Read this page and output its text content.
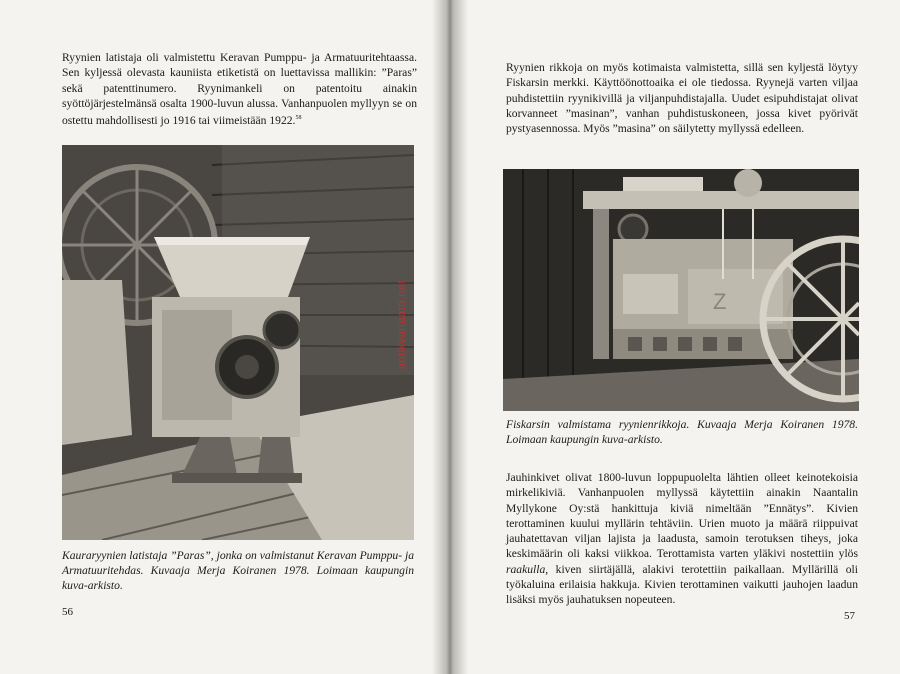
Ryynien latistaja oli valmistettu Keravan Pumppu- ja Armatuuritehtaassa. Sen kyljessä olevasta kauniista etiketistä on luettavissa mallikin: ”Paras” sekä patenttinumero. Ryynimankeli on patentoitu ainakin syöttöjärjestelmänsä osalta 1900-luvun alussa. Vanhanpuolen myllyyn se on ostettu mahdollisesti jo 1916 tai viimeistään 1922.58

antikvariaatti.net

Kauraryynien latistaja ”Paras”, jonka on valmistanut Keravan Pumppu- ja Armatuuritehdas. Kuvaaja Merja Koiranen 1978. Loimaan kaupungin kuva-arkisto.

56

Ryynien rikkoja on myös kotimaista valmistetta, sillä sen kyljestä löytyy Fiskarsin merkki. Käyttöönottoaika ei ole tiedossa. Ryynejä varten viljaa puhdistettiin ryynikivillä ja viljanpuhdistajalla. Uudet esipuhdistajat olivat korvanneet ”masinan”, vanhan puhdistuskoneen, jossa kivet pyörivät pystyasennossa. Myös ”masina” on säilytetty myllyssä edelleen.

Z

Fiskarsin valmistama ryynienrikkoja. Kuvaaja Merja Koiranen 1978. Loimaan kaupungin kuva-arkisto.

Jauhinkivet olivat 1800-luvun loppupuolelta lähtien olleet keinotekoisia mirkelikiviä. Vanhanpuolen myllyssä käytettiin ainakin Naantalin Myllykone Oy:stä hankittuja kiviä nimeltään ”Ennätys”. Kivien terottaminen kuului myllärin tehtäviin. Urien muoto ja määrä riippuivat jauhatettavan viljan lajista ja laadusta, samoin terotuksen tiheys, joka keskimäärin oli kaksi viikkoa. Terottamista varten yläkivi nostettiin ylös raakulla, kiven siirtäjällä, alakivi terotettiin paikallaan. Myllärillä oli työkaluina erilaisia hakkuja. Kivien terottaminen vaikutti jauhojen laadun lisäksi myös jauhatuksen nopeuteen.

57
